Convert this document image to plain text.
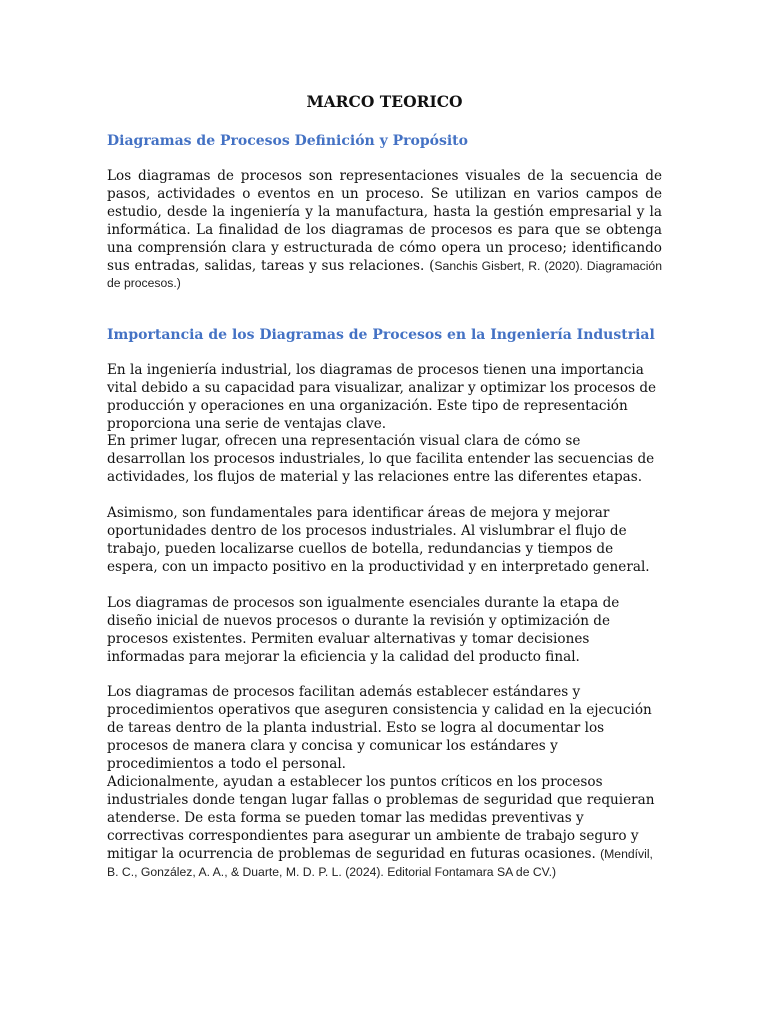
MARCO TEORICO
Diagramas de Procesos Definición y Propósito

Los diagramas de procesos son representaciones visuales de la secuencia de pasos, actividades o eventos en un proceso. Se utilizan en varios campos de estudio, desde la ingeniería y la manufactura, hasta la gestión empresarial y la informática. La finalidad de los diagramas de procesos es para que se obtenga una comprensión clara y estructurada de cómo opera un proceso; identificando sus entradas, salidas, tareas y sus relaciones. (Sanchis Gisbert, R. (2020). Diagramación de procesos.)

Importancia de los Diagramas de Procesos en la Ingeniería Industrial

En la ingeniería industrial, los diagramas de procesos tienen una importancia vital debido a su capacidad para visualizar, analizar y optimizar los procesos de producción y operaciones en una organización. Este tipo de representación proporciona una serie de ventajas clave.

En primer lugar, ofrecen una representación visual clara de cómo se desarrollan los procesos industriales, lo que facilita entender las secuencias de actividades, los flujos de material y las relaciones entre las diferentes etapas.

Asimismo, son fundamentales para identificar áreas de mejora y mejorar oportunidades dentro de los procesos industriales. Al vislumbrar el flujo de trabajo, pueden localizarse cuellos de botella, redundancias y tiempos de espera, con un impacto positivo en la productividad y en interpretado general.

Los diagramas de procesos son igualmente esenciales durante la etapa de diseño inicial de nuevos procesos o durante la revisión y optimización de procesos existentes. Permiten evaluar alternativas y tomar decisiones informadas para mejorar la eficiencia y la calidad del producto final.

Los diagramas de procesos facilitan además establecer estándares y procedimientos operativos que aseguren consistencia y calidad en la ejecución de tareas dentro de la planta industrial. Esto se logra al documentar los procesos de manera clara y concisa y comunicar los estándares y procedimientos a todo el personal.

Adicionalmente, ayudan a establecer los puntos críticos en los procesos industriales donde tengan lugar fallas o problemas de seguridad que requieran atenderse. De esta forma se pueden tomar las medidas preventivas y correctivas correspondientes para asegurar un ambiente de trabajo seguro y mitigar la ocurrencia de problemas de seguridad en futuras ocasiones. (Mendívil, B. C., González, A. A., & Duarte, M. D. P. L. (2024). Editorial Fontamara SA de CV.)
